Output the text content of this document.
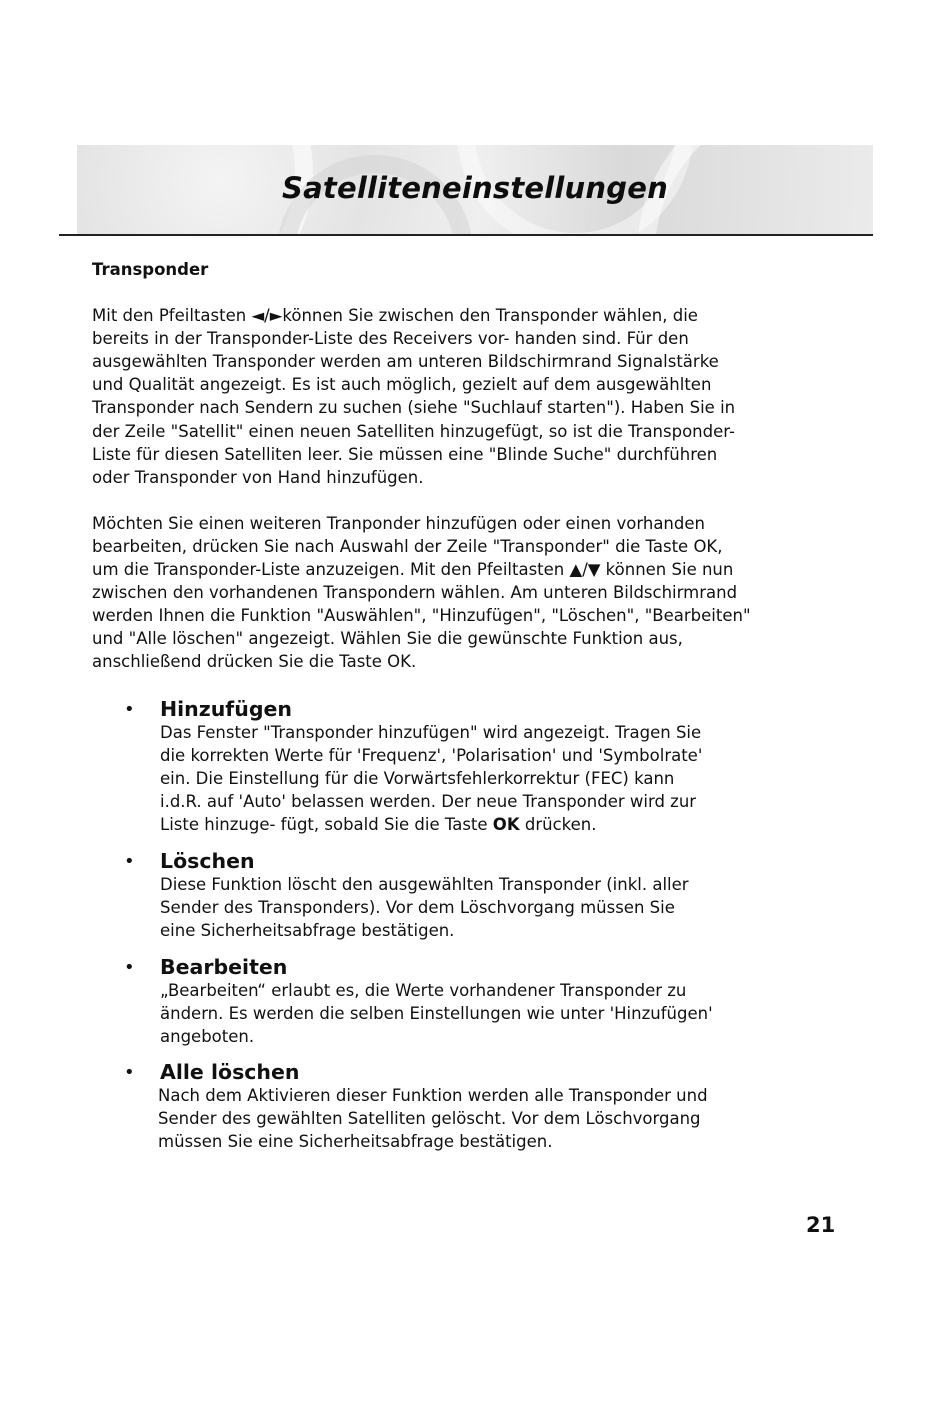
Satelliteneinstellungen
Transponder

Mit den Pfeiltasten ◄/►können Sie zwischen den Transponder wählen, die

bereits in der Transponder-Liste des Receivers vor- handen sind. Für den

ausgewählten Transponder werden am unteren Bildschirmrand Signalstärke

und Qualität angezeigt. Es ist auch möglich, gezielt auf dem ausgewählten

Transponder nach Sendern zu suchen (siehe "Suchlauf starten"). Haben Sie in

der Zeile "Satellit" einen neuen Satelliten hinzugefügt, so ist die Transponder-

Liste für diesen Satelliten leer. Sie müssen eine "Blinde Suche" durchführen

oder Transponder von Hand hinzufügen.

Möchten Sie einen weiteren Tranponder hinzufügen oder einen vorhanden

bearbeiten, drücken Sie nach Auswahl der Zeile "Transponder" die Taste OK,

um die Transponder-Liste anzuzeigen. Mit den Pfeiltasten ▲/▼ können Sie nun

zwischen den vorhandenen Transpondern wählen. Am unteren Bildschirmrand

werden Ihnen die Funktion "Auswählen", "Hinzufügen", "Löschen", "Bearbeiten"

und "Alle löschen" angezeigt. Wählen Sie die gewünschte Funktion aus,

anschließend drücken Sie die Taste OK.

• Hinzufügen

Das Fenster "Transponder hinzufügen" wird angezeigt. Tragen Sie

die korrekten Werte für 'Frequenz', 'Polarisation' und 'Symbolrate'

ein. Die Einstellung für die Vorwärtsfehlerkorrektur (FEC) kann

i.d.R. auf 'Auto' belassen werden. Der neue Transponder wird zur

Liste hinzuge- fügt, sobald Sie die Taste OK drücken.

• Löschen

Diese Funktion löscht den ausgewählten Transponder (inkl. aller

Sender des Transponders). Vor dem Löschvorgang müssen Sie

eine Sicherheitsabfrage bestätigen.

• Bearbeiten

„Bearbeiten“ erlaubt es, die Werte vorhandener Transponder zu

ändern. Es werden die selben Einstellungen wie unter 'Hinzufügen'

angeboten.

• Alle löschen

Nach dem Aktivieren dieser Funktion werden alle Transponder und

Sender des gewählten Satelliten gelöscht. Vor dem Löschvorgang

müssen Sie eine Sicherheitsabfrage bestätigen.

21
